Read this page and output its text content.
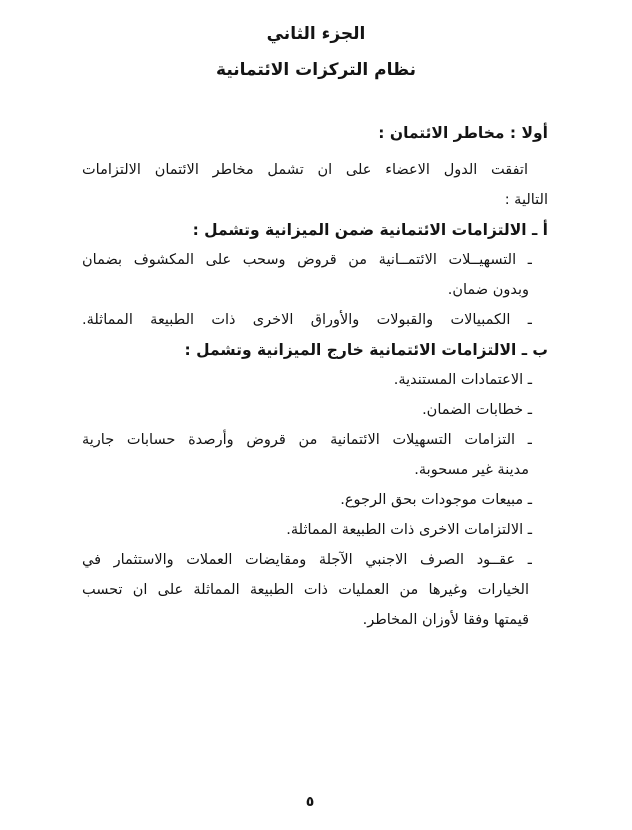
الجزء الثاني
نظام التركزات الائتمانية
أولا : مخاطر الائتمان :
اتفقت الدول الاعضاء على ان تشمل مخاطر الائتمان الالتزامات
التالية :
أ ـ الالتزامات الائتمانية ضمن الميزانية وتشمل :
ـ التسهيــلات الائتمــانية من قروض وسحب على المكشوف بضمان
وبدون ضمان.
ـ الكمبيالات والقبولات والأوراق الاخرى ذات الطبيعة المماثلة.
ب ـ الالتزامات الائتمانية خارج الميزانية وتشمل :
ـ الاعتمادات المستندية.
ـ خطابات الضمان.
ـ التزامات التسهيلات الائتمانية من قروض وأرصدة حسابات جارية
مدينة غير مسحوبة.
ـ مبيعات موجودات بحق الرجوع.
ـ الالتزامات الاخرى ذات الطبيعة المماثلة.
ـ عقــود الصرف الاجنبي الآجلة ومقايضات العملات والاستثمار في
الخيارات وغيرها من العمليات ذات الطبيعة المماثلة على ان تحسب
قيمتها وفقا لأوزان المخاطر.
٥
